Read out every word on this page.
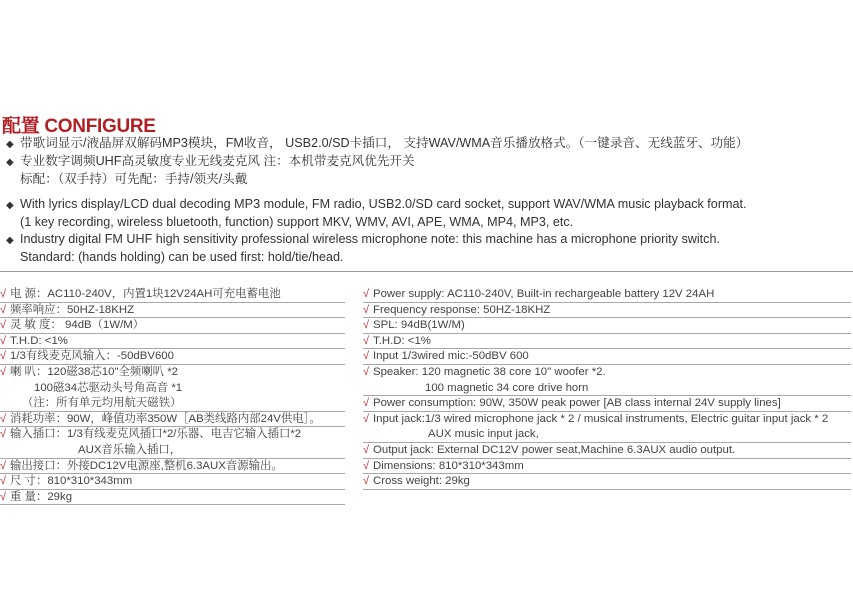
配置 CONFIGURE
◆ 带歌词显示/液晶屏双解码MP3模块，FM收音， USB2.0/SD卡插口， 支持WAV/WMA音乐播放格式。（一键录音、无线蓝牙、功能）
◆ 专业数字调频UHF高灵敏度专业无线麦克风 注：本机带麦克风优先开关
标配：（双手持）可先配：手持/领夹/头戴
◆ With lyrics display/LCD dual decoding MP3 module, FM radio, USB2.0/SD card socket, support WAV/WMA music playback format.
(1 key recording, wireless bluetooth, function) support MKV, WMV, AVI, APE, WMA, MP4, MP3, etc.
◆ Industry digital FM UHF high sensitivity professional wireless microphone note: this machine has a microphone priority switch.
Standard: (hands holding) can be used first: hold/tie/head.
√ 电 源：AC110-240V，内置1块12V24AH可充电蓄电池
√ 频率响应：50HZ-18KHZ
√ 灵 敏 度： 94dB（1W/M）
√ T.H.D: <1%
√ 1/3有线麦克风输入：-50dBV600
√ 喇 叭：120磁38芯10"全频喇叭 *2
100磁34芯驱动头号角高音 *1
（注：所有单元均用航天磁铁）
√ 消耗功率：90W，峰值功率350W［AB类线路内部24V供电］。
√ 输入插口：1/3有线麦克风插口*2/乐器、电吉它输入插口*2
AUX音乐输入插口，
√ 输出接口：外接DC12V电源座,整机6.3AUX音源输出。
√ 尺 寸：810*310*343mm
√ 重 量：29kg
√ Power supply: AC110-240V, Built-in rechargeable battery 12V 24AH
√ Frequency response: 50HZ-18KHZ
√ SPL: 94dB(1W/M)
√ T.H.D: <1%
√ Input 1/3wired mic:-50dBV 600
√ Speaker: 120 magnetic 38 core 10" woofer *2.
100 magnetic 34 core drive horn
√ Power consumption: 90W, 350W peak power [AB class internal 24V supply lines]
√ Input jack:1/3 wired microphone jack * 2 / musical instruments, Electric guitar input jack * 2
AUX music input jack,
√ Output jack: External DC12V power seat,Machine 6.3AUX audio output.
√ Dimensions: 810*310*343mm
√ Cross weight: 29kg
